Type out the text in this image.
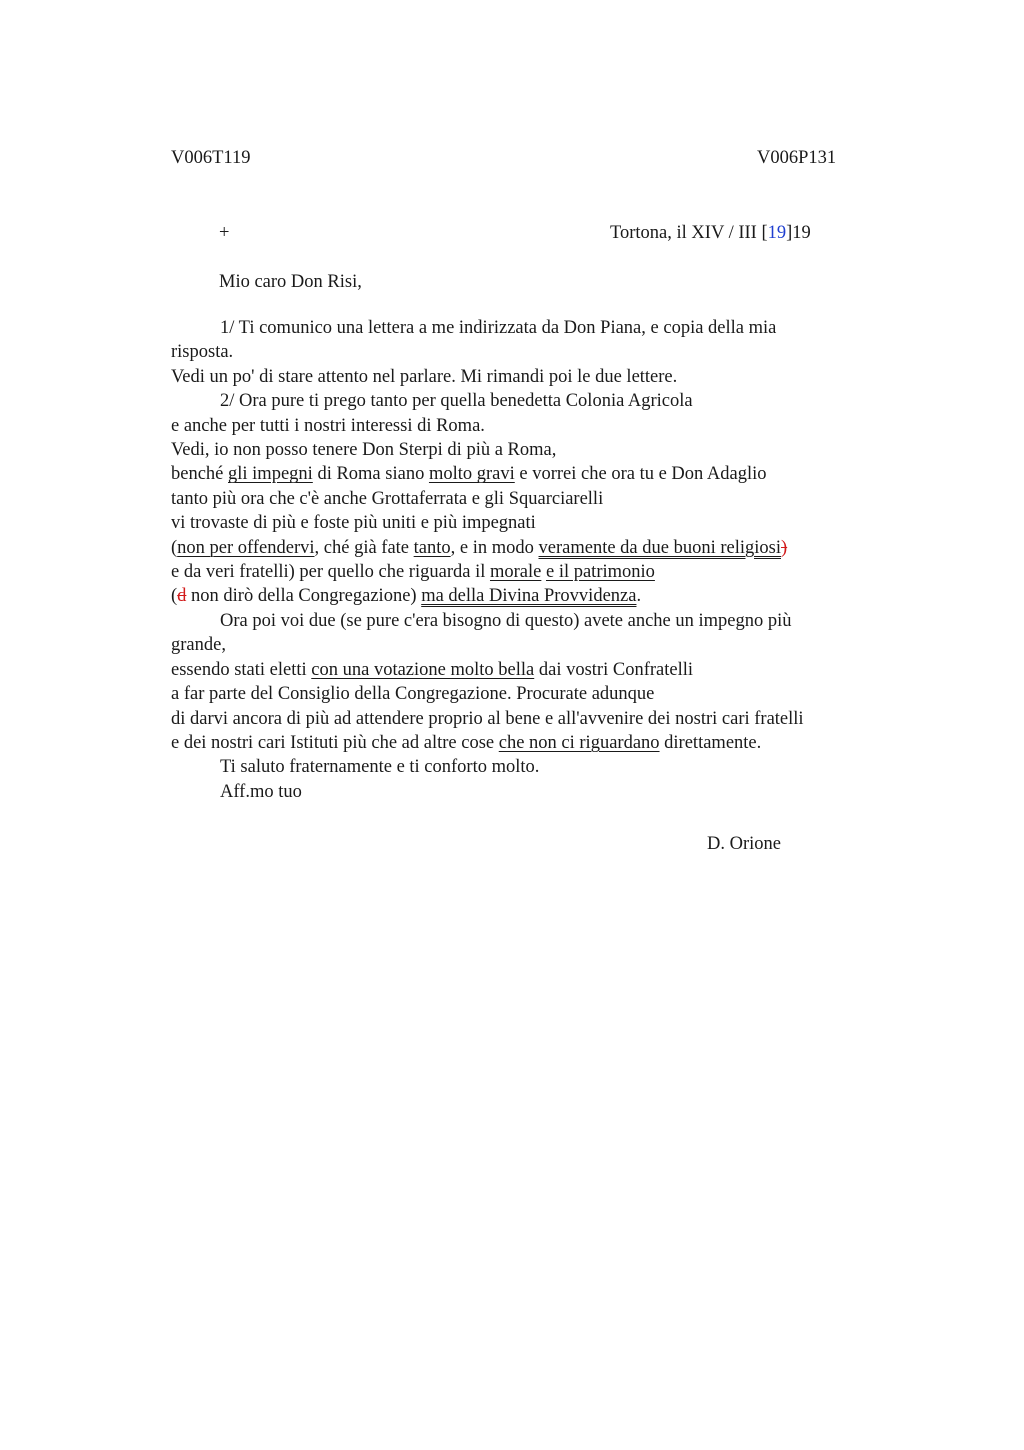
V006T119	V006P131
+	Tortona, il XIV / III [19]19
Mio caro Don Risi,
1/ Ti comunico una lettera a me indirizzata da Don Piana, e copia della mia
risposta.
Vedi un po' di stare attento nel parlare. Mi rimandi poi le due lettere.
2/ Ora pure ti prego tanto per quella benedetta Colonia Agricola
e anche per tutti i nostri interessi di Roma.
Vedi, io non posso tenere Don Sterpi di più a Roma,
benché gli impegni di Roma siano molto gravi e vorrei che ora tu e Don Adaglio
tanto più ora che c'è anche Grottaferrata e gli Squarciarelli
vi trovaste di più e foste più uniti e più impegnati
(non per offendervi, ché già fate tanto, e in modo veramente da due buoni religiosi)
e da veri fratelli) per quello che riguarda il morale e il patrimonio
(d non dirò della Congregazione) ma della Divina Provvidenza.
Ora poi voi due (se pure c'era bisogno di questo) avete anche un impegno più
grande,
essendo stati eletti con una votazione molto bella dai vostri Confratelli
a far parte del Consiglio della Congregazione. Procurate adunque
di darvi ancora di più ad attendere proprio al bene e all'avvenire dei nostri cari fratelli
e dei nostri cari Istituti più che ad altre cose che non ci riguardano direttamente.
Ti saluto fraternamente e ti conforto molto.
Aff.mo tuo
D. Orione
